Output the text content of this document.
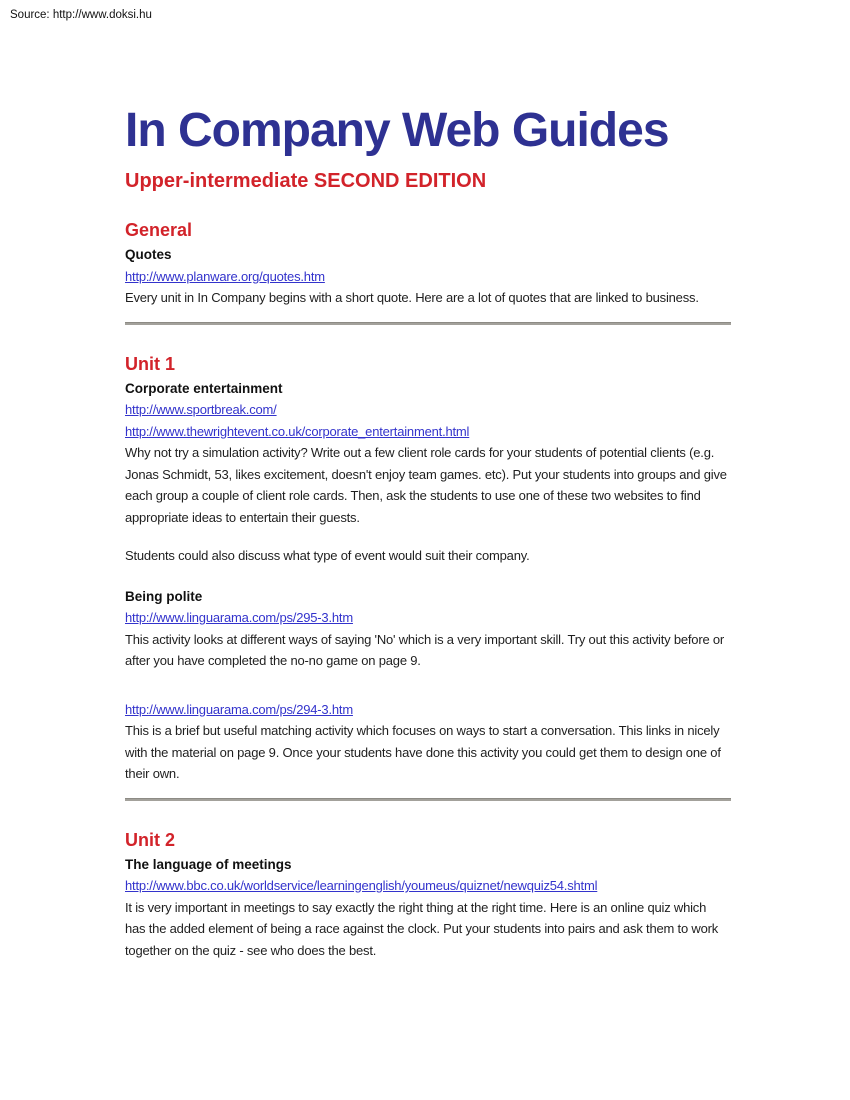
Source: http://www.doksi.hu
In Company Web Guides
Upper-intermediate SECOND EDITION
General
Quotes
http://www.planware.org/quotes.htm

Every unit in In Company begins with a short quote. Here are a lot of quotes that are linked to business.

Unit 1
Corporate entertainment
http://www.sportbreak.com/
http://www.thewrightevent.co.uk/corporate_entertainment.html

Why not try a simulation activity? Write out a few client role cards for your students of potential clients (e.g. Jonas Schmidt, 53, likes excitement, doesn't enjoy team games. etc). Put your students into groups and give each group a couple of client role cards. Then, ask the students to use one of these two websites to find appropriate ideas to entertain their guests.

Students could also discuss what type of event would suit their company.

Being polite
http://www.linguarama.com/ps/295-3.htm

This activity looks at different ways of saying 'No' which is a very important skill. Try out this activity before or after you have completed the no-no game on page 9.

http://www.linguarama.com/ps/294-3.htm

This is a brief but useful matching activity which focuses on ways to start a conversation. This links in nicely with the material on page 9. Once your students have done this activity you could get them to design one of their own.

Unit 2
The language of meetings
http://www.bbc.co.uk/worldservice/learningenglish/youmeus/quiznet/newquiz54.shtml

It is very important in meetings to say exactly the right thing at the right time. Here is an online quiz which has the added element of being a race against the clock. Put your students into pairs and ask them to work together on the quiz - see who does the best.
